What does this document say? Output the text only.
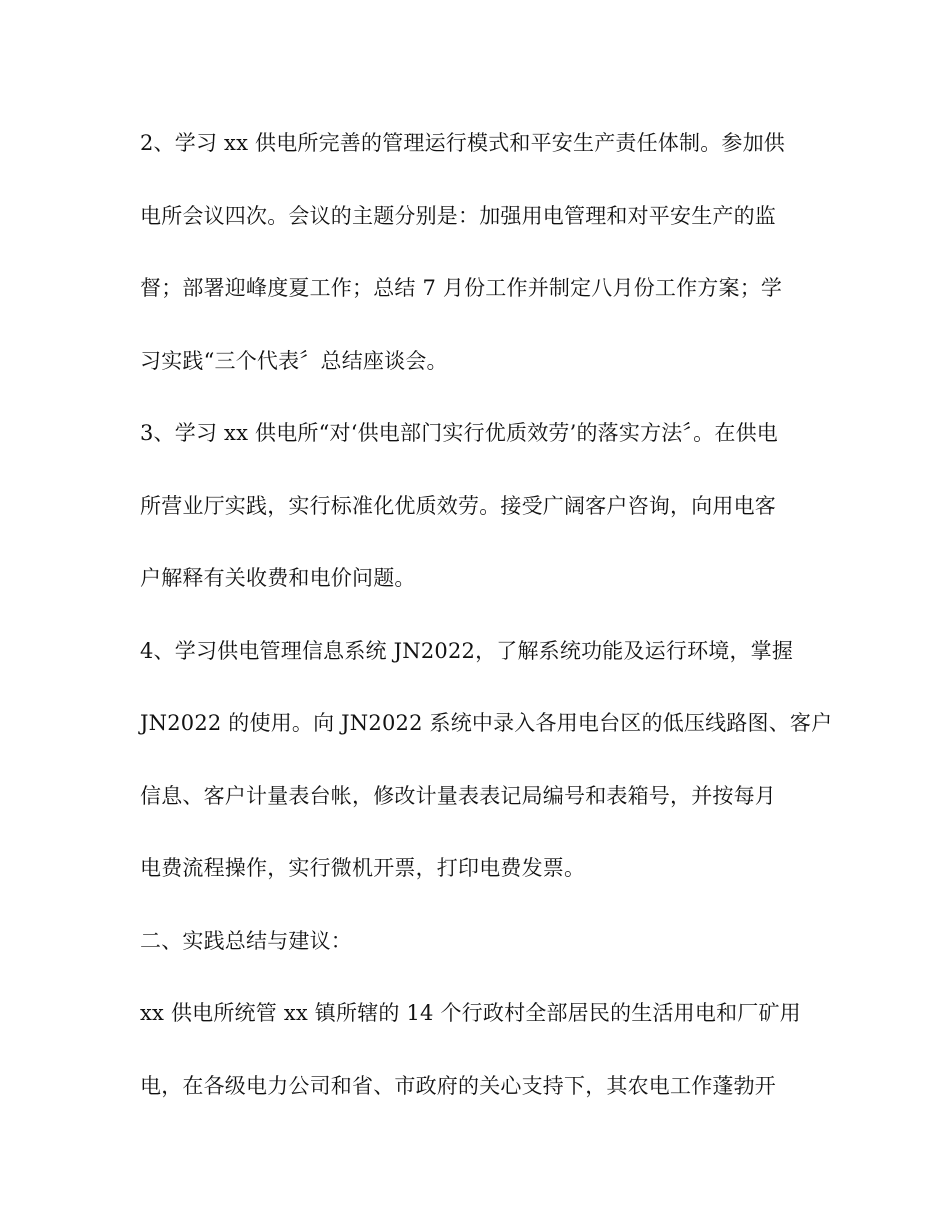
2、学习 xx 供电所完善的管理运行模式和平安生产责任体制。参加供
电所会议四次。会议的主题分别是：加强用电管理和对平安生产的监
督；部署迎峰度夏工作；总结 7 月份工作并制定八月份工作方案；学
习实践“三个代表〞总结座谈会。
3、学习 xx 供电所“对‘供电部门实行优质效劳’的落实方法〞。在供电
所营业厅实践，实行标准化优质效劳。接受广阔客户咨询，向用电客
户解释有关收费和电价问题。
4、学习供电管理信息系统 JN2022，了解系统功能及运行环境，掌握
JN2022 的使用。向 JN2022 系统中录入各用电台区的低压线路图、客户
信息、客户计量表台帐，修改计量表表记局编号和表箱号，并按每月
电费流程操作，实行微机开票，打印电费发票。
二、实践总结与建议：
xx 供电所统管 xx 镇所辖的 14 个行政村全部居民的生活用电和厂矿用
电，在各级电力公司和省、市政府的关心支持下，其农电工作蓬勃开
